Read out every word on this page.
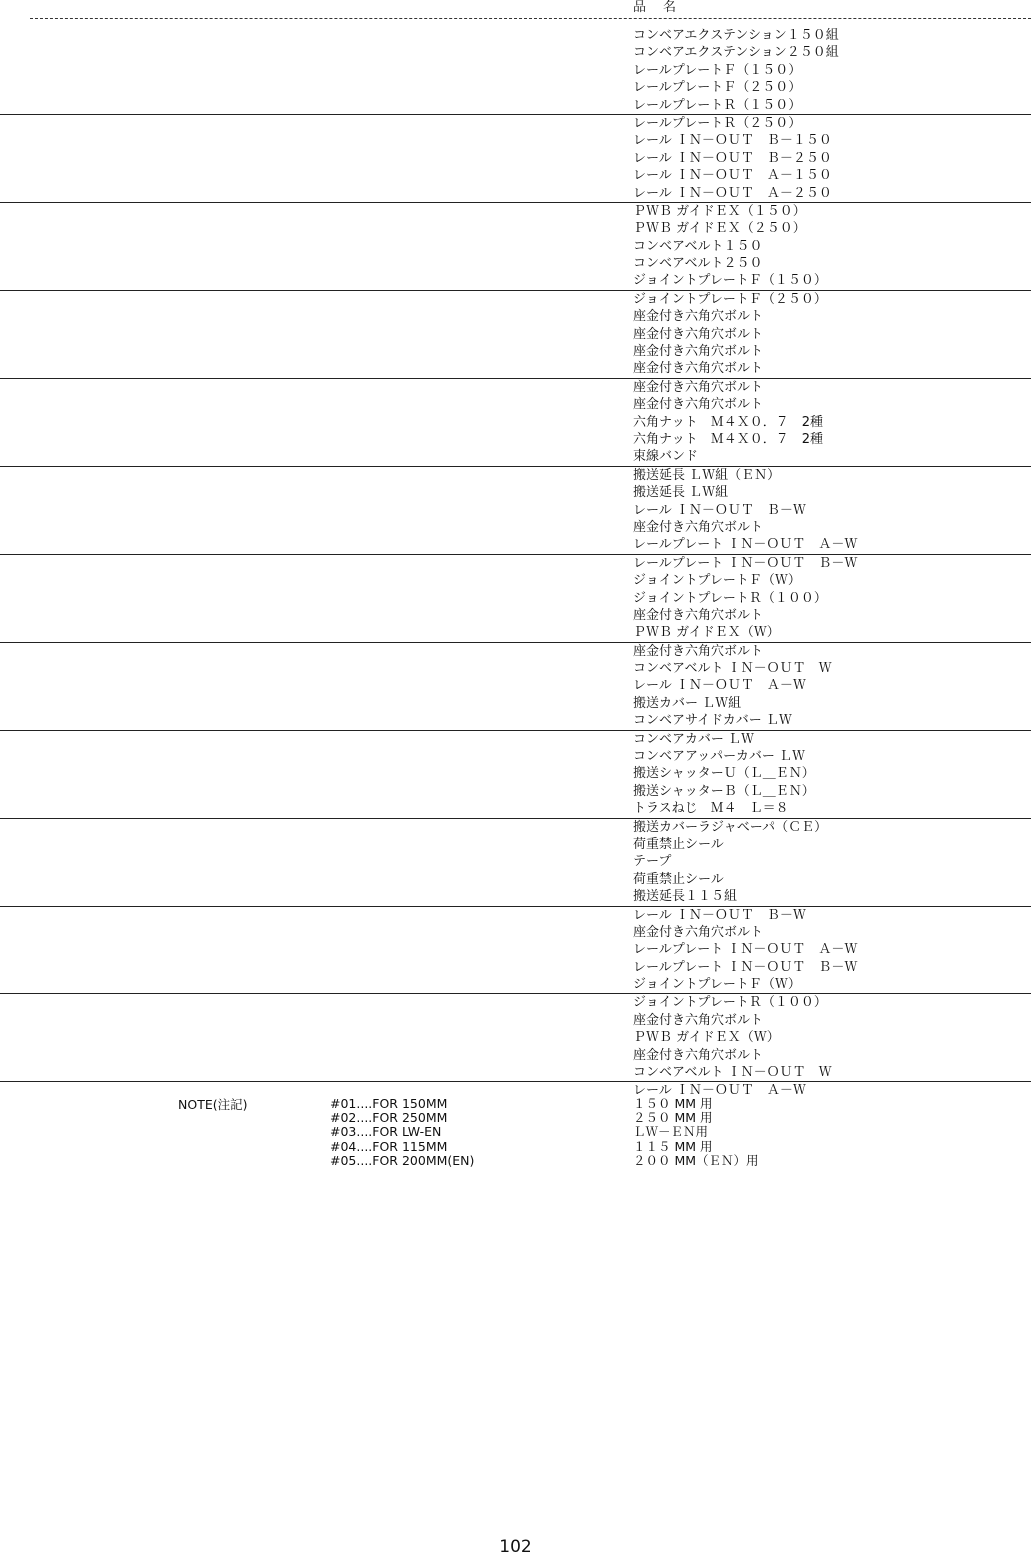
品　名
コンベアエクステンション１５０組
コンベアエクステンション２５０組
レールプレートＦ（１５０）
レールプレートＦ（２５０）
レールプレートＲ（１５０）
レールプレートＲ（２５０）
レール ＩＮ－ＯＵＴ　Ｂ－１５０
レール ＩＮ－ＯＵＴ　Ｂ－２５０
レール ＩＮ－ＯＵＴ　Ａ－１５０
レール ＩＮ－ＯＵＴ　Ａ－２５０
ＰＷＢ ガイドＥＸ（１５０）
ＰＷＢ ガイドＥＸ（２５０）
コンベアベルト１５０
コンベアベルト２５０
ジョイントプレートＦ（１５０）
ジョイントプレートＦ（２５０）
座金付き六角穴ボルト
座金付き六角穴ボルト
座金付き六角穴ボルト
座金付き六角穴ボルト
座金付き六角穴ボルト
座金付き六角穴ボルト
六角ナット　Ｍ４Ｘ０．７　2種
六角ナット　Ｍ４Ｘ０．７　2種
束線バンド
搬送延長 ＬＷ組（ＥＮ）
搬送延長 ＬＷ組
レール ＩＮ－ＯＵＴ　Ｂ－Ｗ
座金付き六角穴ボルト
レールプレート ＩＮ－ＯＵＴ　Ａ－Ｗ
レールプレート ＩＮ－ＯＵＴ　Ｂ－Ｗ
ジョイントプレートＦ（Ｗ）
ジョイントプレートＲ（１００）
座金付き六角穴ボルト
ＰＷＢ ガイドＥＸ（Ｗ）
座金付き六角穴ボルト
コンベアベルト ＩＮ－ＯＵＴ　Ｗ
レール ＩＮ－ＯＵＴ　Ａ－Ｗ
搬送カバー ＬＷ組
コンベアサイドカバー ＬＷ
コンベアカバー ＬＷ
コンベアアッパーカバー ＬＷ
搬送シャッターＵ（Ｌ＿ＥＮ）
搬送シャッターＢ（Ｌ＿ＥＮ）
トラスねじ　Ｍ４　Ｌ＝８
搬送カバーラジャベーパ（ＣＥ）
荷重禁止シール
テープ
荷重禁止シール
搬送延長１１５組
レール ＩＮ－ＯＵＴ　Ｂ－Ｗ
座金付き六角穴ボルト
レールプレート ＩＮ－ＯＵＴ　Ａ－Ｗ
レールプレート ＩＮ－ＯＵＴ　Ｂ－Ｗ
ジョイントプレートＦ（Ｗ）
ジョイントプレートＲ（１００）
座金付き六角穴ボルト
ＰＷＢ ガイドＥＸ（Ｗ）
座金付き六角穴ボルト
コンベアベルト ＩＮ－ＯＵＴ　Ｗ
レール ＩＮ－ＯＵＴ　Ａ－Ｗ
NOTE(注記)	#01....FOR 150MM
#02....FOR 250MM
#03....FOR LW-EN
#04....FOR 115MM
#05....FOR 200MM(EN)
１５０ MM 用
２５０ MM 用
ＬＷ－ＥＮ用
１１５ MM 用
２００ MM（ＥＮ）用
102
